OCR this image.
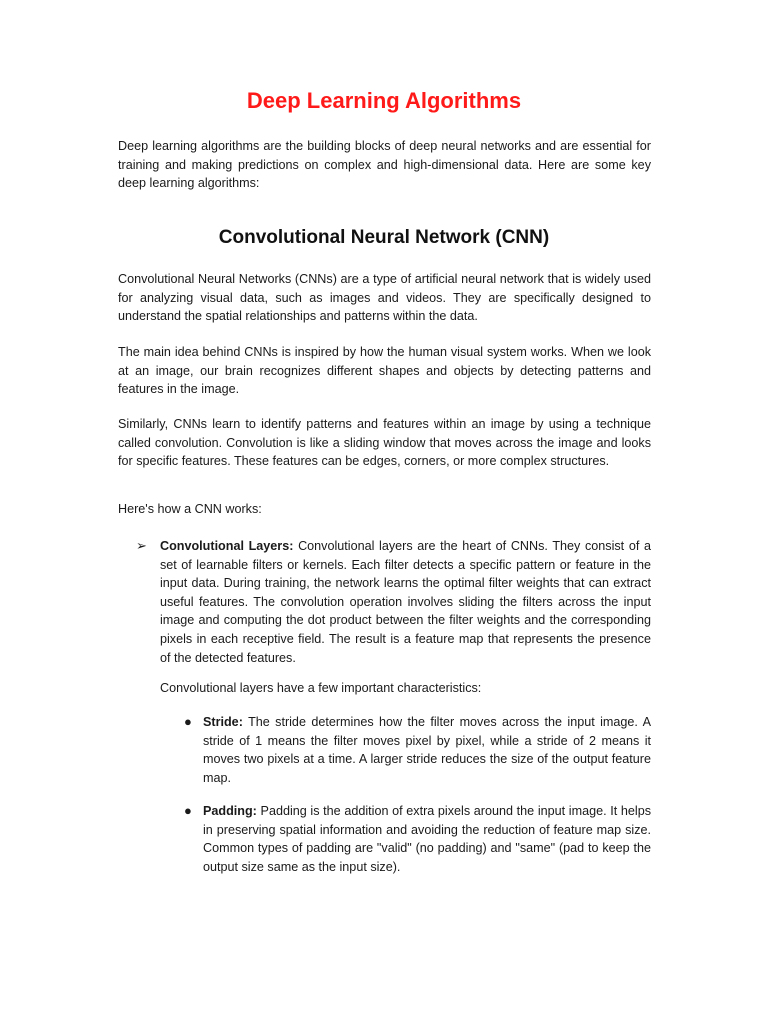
Deep Learning Algorithms

Deep learning algorithms are the building blocks of deep neural networks and are essential for training and making predictions on complex and high-dimensional data. Here are some key deep learning algorithms:

Convolutional Neural Network (CNN)

Convolutional Neural Networks (CNNs) are a type of artificial neural network that is widely used for analyzing visual data, such as images and videos. They are specifically designed to understand the spatial relationships and patterns within the data.

The main idea behind CNNs is inspired by how the human visual system works. When we look at an image, our brain recognizes different shapes and objects by detecting patterns and features in the image.

Similarly, CNNs learn to identify patterns and features within an image by using a technique called convolution. Convolution is like a sliding window that moves across the image and looks for specific features. These features can be edges, corners, or more complex structures.

Here's how a CNN works:

➢ Convolutional Layers: Convolutional layers are the heart of CNNs. They consist of a set of learnable filters or kernels. Each filter detects a specific pattern or feature in the input data. During training, the network learns the optimal filter weights that can extract useful features. The convolution operation involves sliding the filters across the input image and computing the dot product between the filter weights and the corresponding pixels in each receptive field. The result is a feature map that represents the presence of the detected features.

Convolutional layers have a few important characteristics:

● Stride: The stride determines how the filter moves across the input image. A stride of 1 means the filter moves pixel by pixel, while a stride of 2 means it moves two pixels at a time. A larger stride reduces the size of the output feature map.

● Padding: Padding is the addition of extra pixels around the input image. It helps in preserving spatial information and avoiding the reduction of feature map size. Common types of padding are "valid" (no padding) and "same" (pad to keep the output size same as the input size).
